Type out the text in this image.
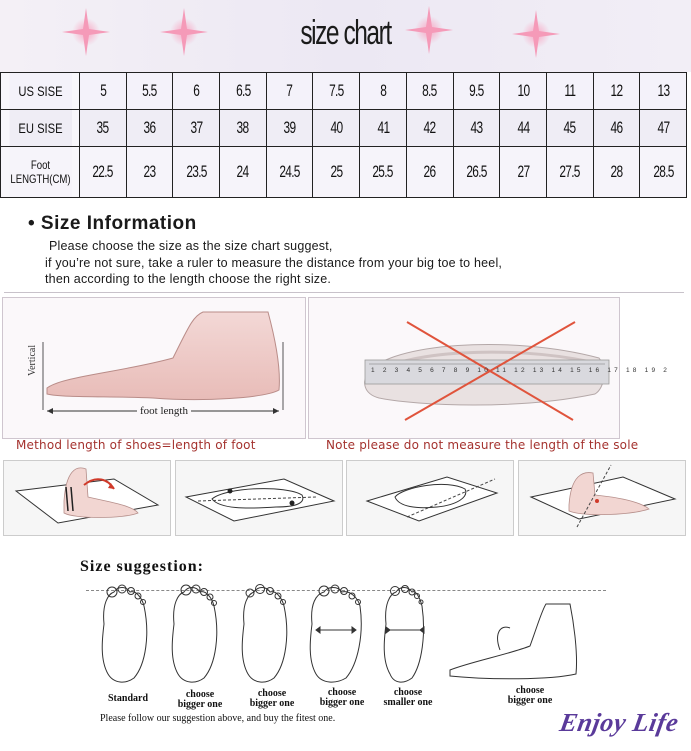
size chart
US SISE	5	5.5	6	6.5	7	7.5	8	8.5	9.5	10	11	12	13
EU SISE	35	36	37	38	39	40	41	42	43	44	45	46	47
Foot LENGTH(CM)	22.5	23	23.5	24	24.5	25	25.5	26	26.5	27	27.5	28	28.5
• Size Information
Please choose the size as the size chart suggest,
if you’re not sure, take a ruler to measure the distance from your big toe to heel,
then according to the length choose the right size.
Vertical
foot length
1 2 3 4 5 6 7 8 9 10 11 12 13 14 15 16 17 18 19 2
Method length of shoes=length of foot	Note please do not measure the length of the sole
Size suggestion:
Standard	choose
bigger one
choose
bigger one
choose
bigger one
choose
smaller one
choose
bigger one
Please follow our suggestion above, and buy the fitest one.	Enjoy Life
